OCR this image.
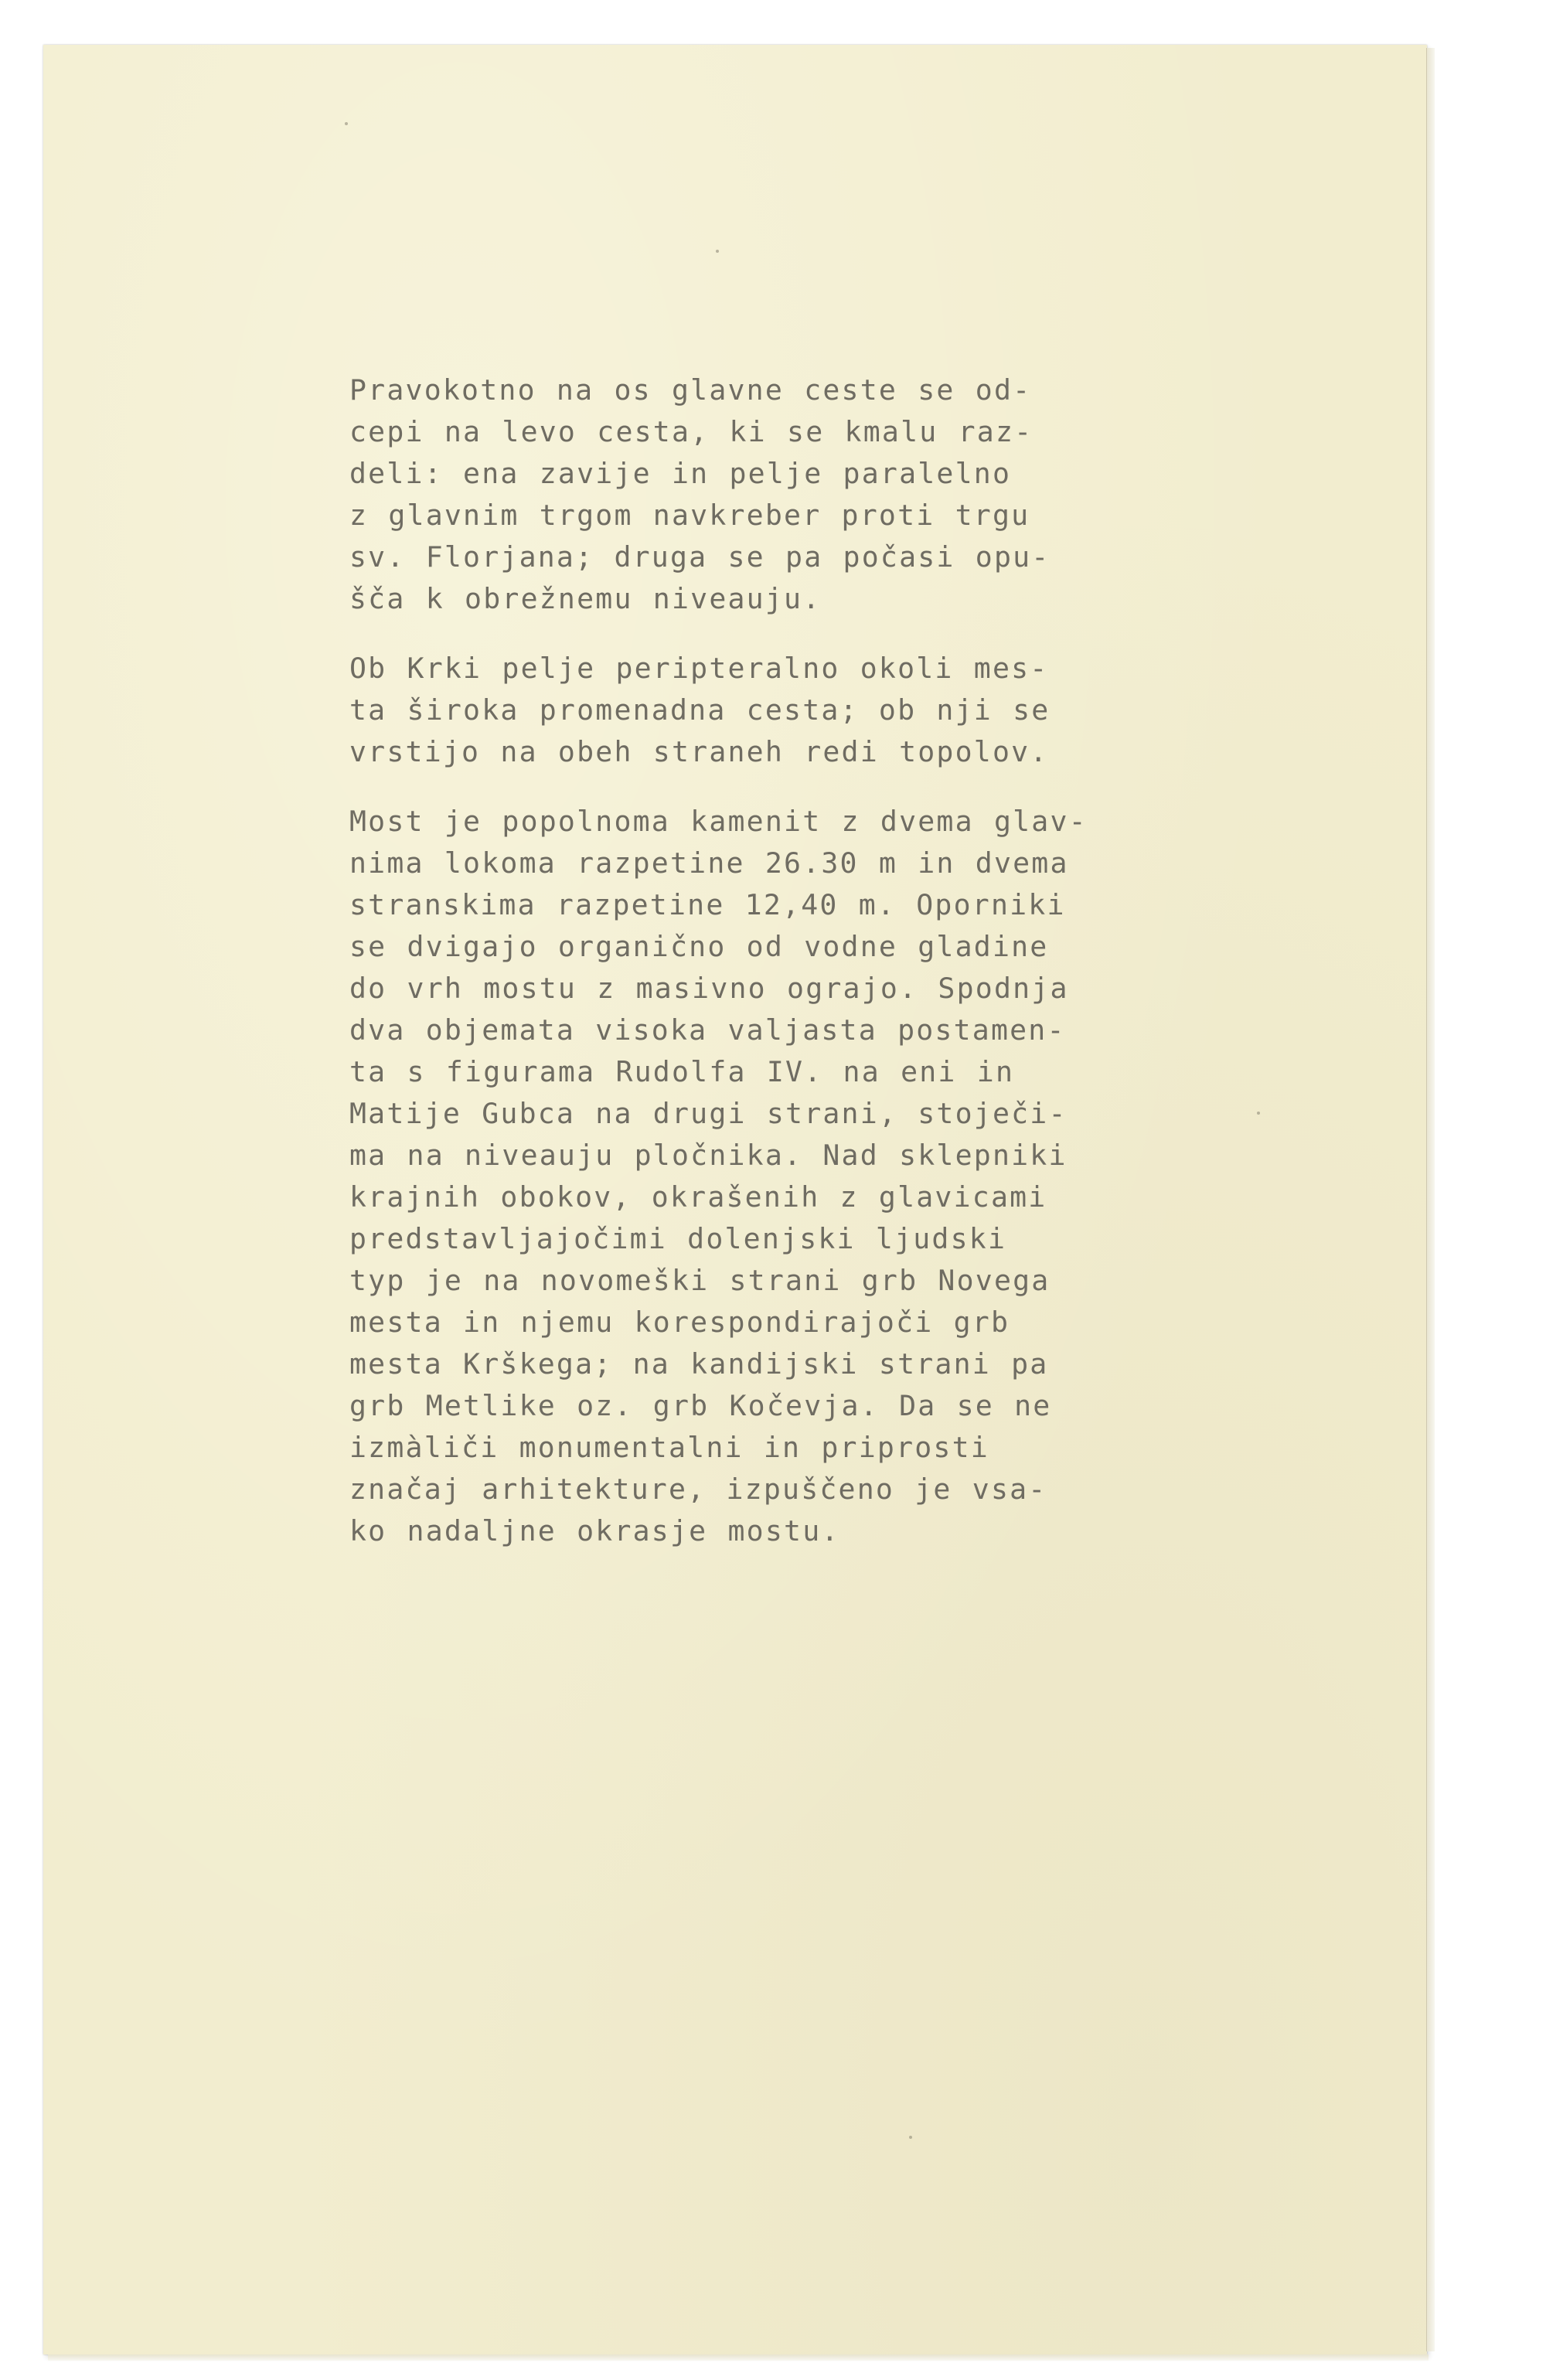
Pravokotno na os glavne ceste se od-
cepi na levo cesta, ki se kmalu raz-
deli: ena zavije in pelje paralelno
z glavnim trgom navkreber proti trgu
sv. Florjana; druga se pa počasi opu-
šča k obrežnemu niveauju.
Ob Krki pelje peripteralno okoli mes-
ta široka promenadna cesta; ob nji se
vrstijo na obeh straneh redi topolov.
Most je popolnoma kamenit z dvema glav-
nima lokoma razpetine 26.30 m in dvema
stranskima razpetine 12,40 m. Oporniki
se dvigajo organično od vodne gladine
do vrh mostu z masivno ograjo. Spodnja
dva objemata visoka valjasta postamen-
ta s figurama Rudolfa IV. na eni in
Matije Gubca na drugi strani, stoječi-
ma na niveauju pločnika. Nad sklepniki
krajnih obokov, okrašenih z glavicami
predstavljajočimi dolenjski ljudski
typ je na novomeški strani grb Novega
mesta in njemu korespondirajoči grb
mesta Krškega; na kandijski strani pa
grb Metlike oz. grb Kočevja. Da se ne
izmàliči monumentalni in priprosti
značaj arhitekture, izpuščeno je vsa-
ko nadaljne okrasje mostu.
